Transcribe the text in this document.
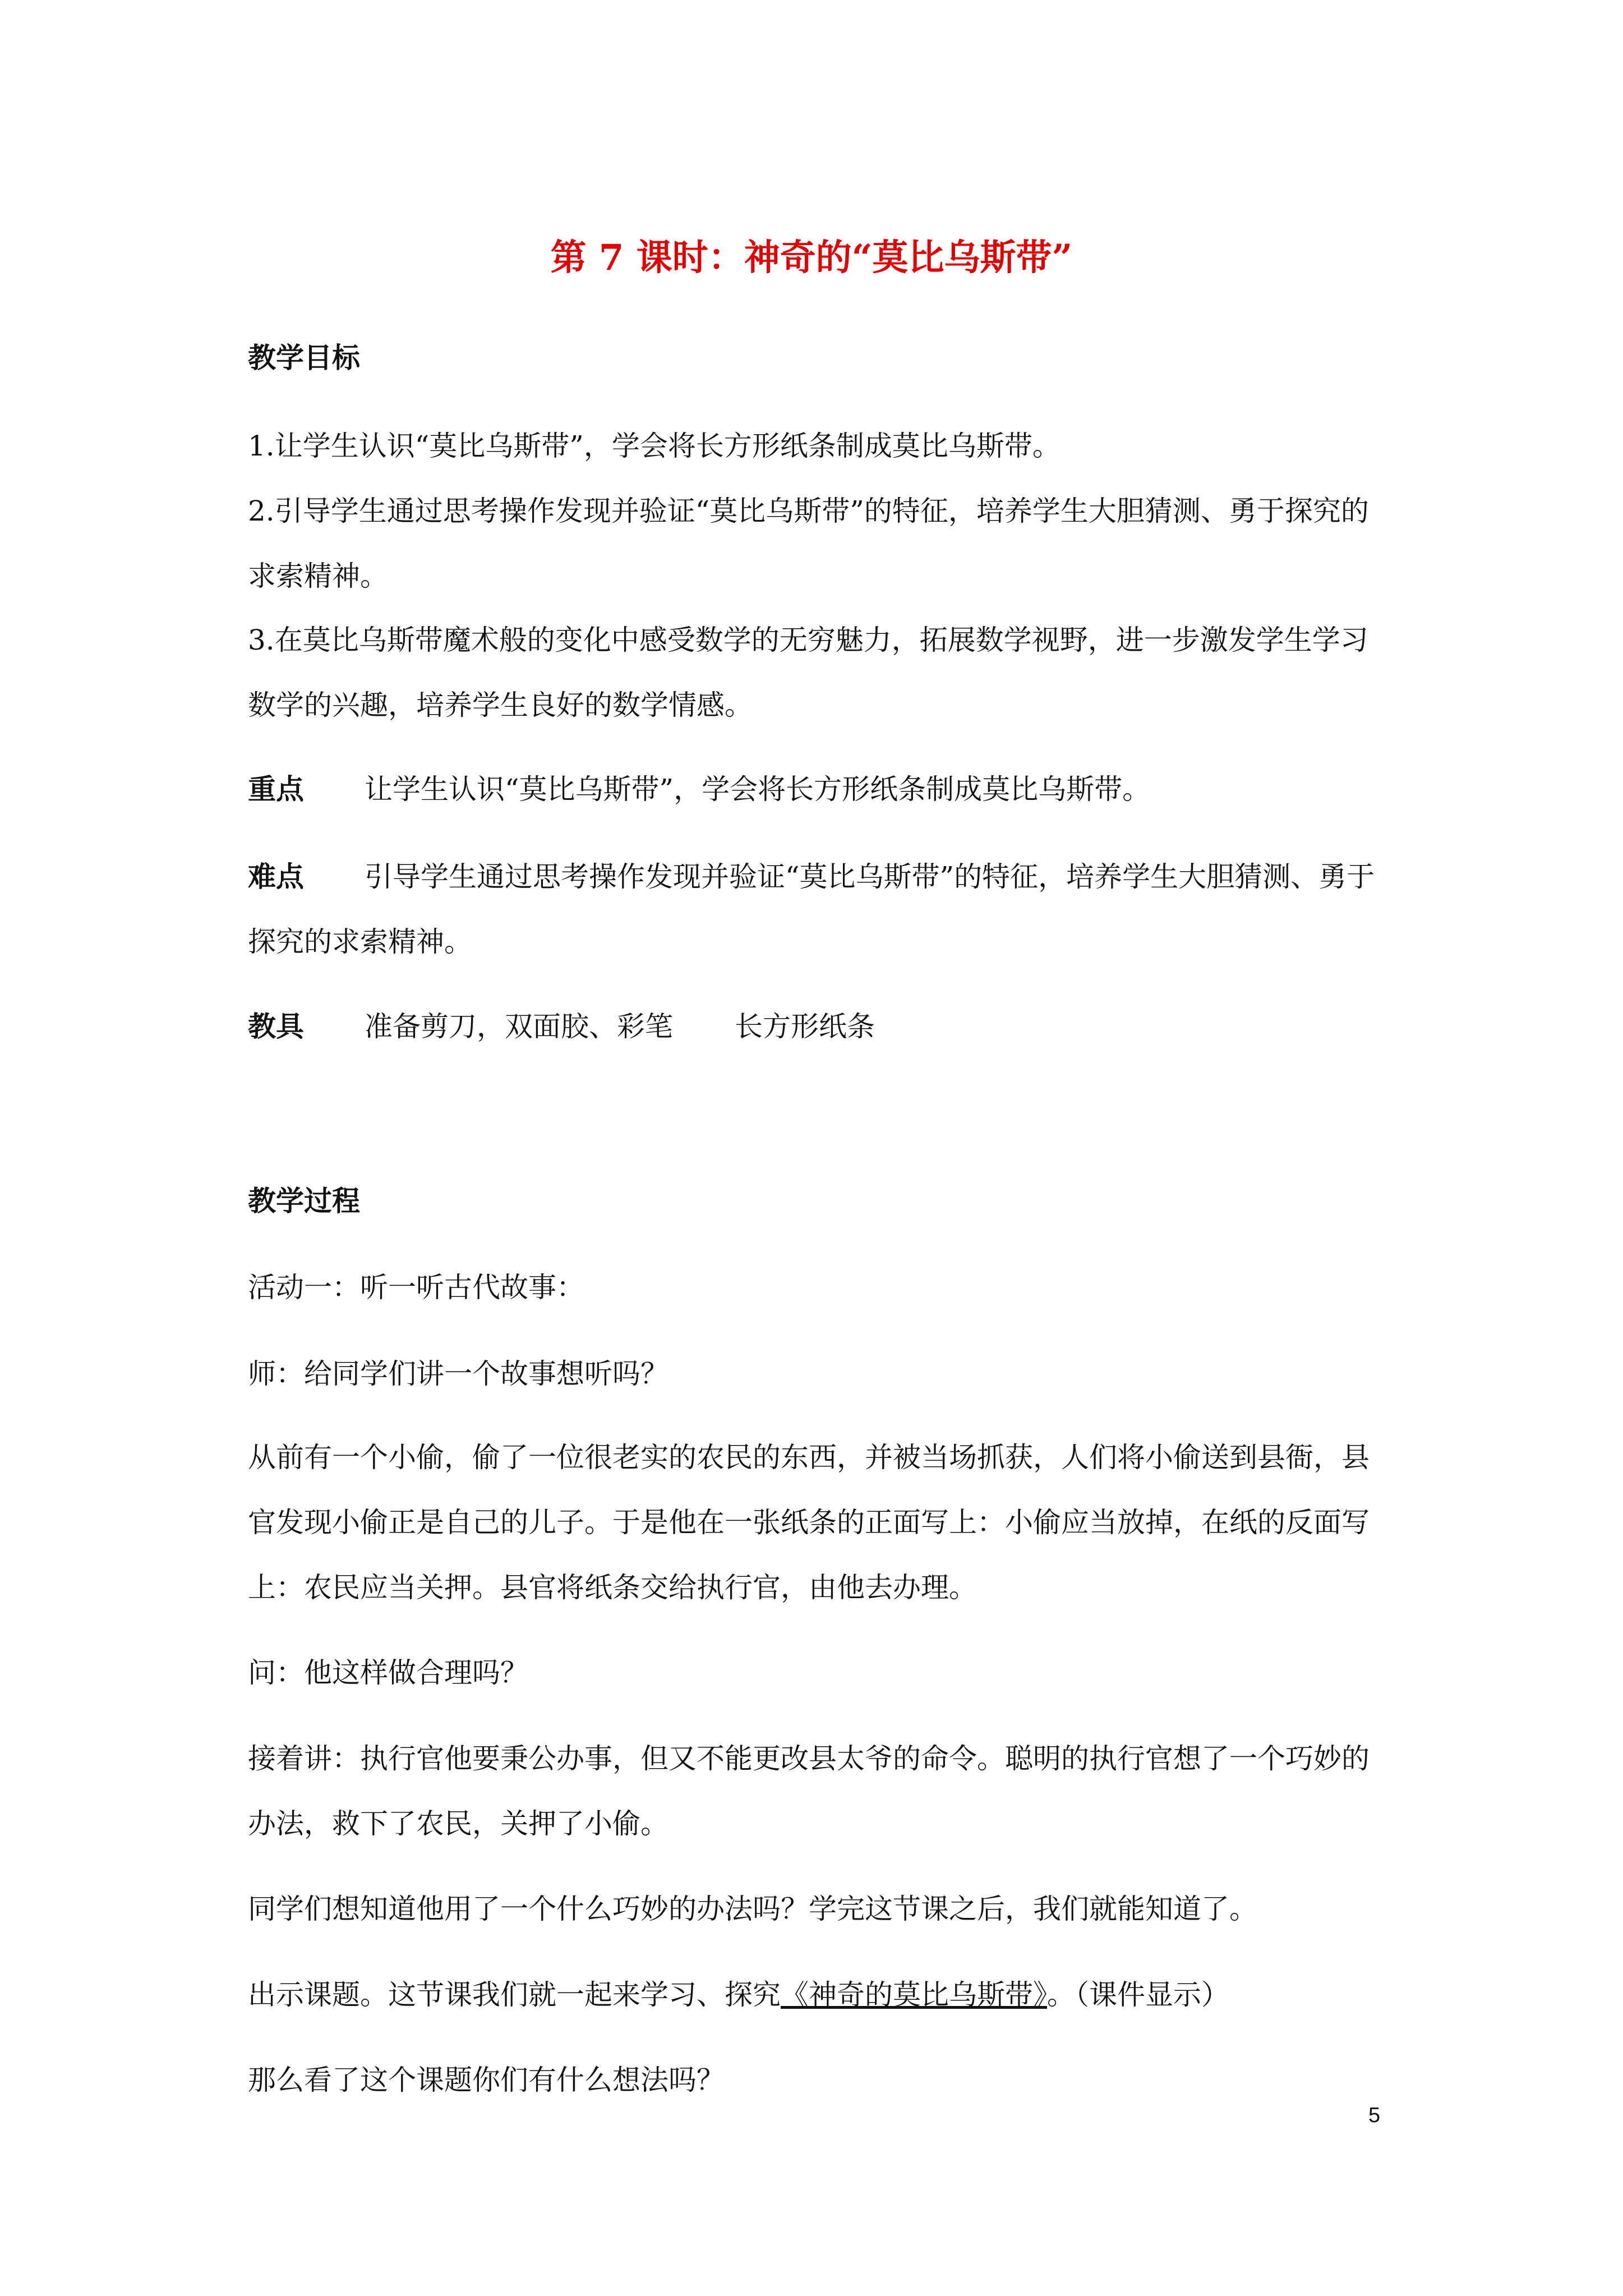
第 7 课时：神奇的“莫比乌斯带”

教学目标

1.让学生认识“莫比乌斯带”，学会将长方形纸条制成莫比乌斯带。

2.引导学生通过思考操作发现并验证“莫比乌斯带”的特征，培养学生大胆猜测、勇于探究的求索精神。

3.在莫比乌斯带魔术般的变化中感受数学的无穷魅力，拓展数学视野，进一步激发学生学习数学的兴趣，培养学生良好的数学情感。

重点 让学生认识“莫比乌斯带”，学会将长方形纸条制成莫比乌斯带。

难点 引导学生通过思考操作发现并验证“莫比乌斯带”的特征，培养学生大胆猜测、勇于探究的求索精神。

教具 准备剪刀，双面胶、彩笔 长方形纸条

教学过程

活动一：听一听古代故事：

师：给同学们讲一个故事想听吗？

从前有一个小偷，偷了一位很老实的农民的东西，并被当场抓获，人们将小偷送到县衙，县官发现小偷正是自己的儿子。于是他在一张纸条的正面写上：小偷应当放掉，在纸的反面写上：农民应当关押。县官将纸条交给执行官，由他去办理。

问：他这样做合理吗？

接着讲：执行官他要秉公办事，但又不能更改县太爷的命令。聪明的执行官想了一个巧妙的办法，救下了农民，关押了小偷。

同学们想知道他用了一个什么巧妙的办法吗？学完这节课之后，我们就能知道了。

出示课题。这节课我们就一起来学习、探究《神奇的莫比乌斯带》。（课件显示）

那么看了这个课题你们有什么想法吗？

5
